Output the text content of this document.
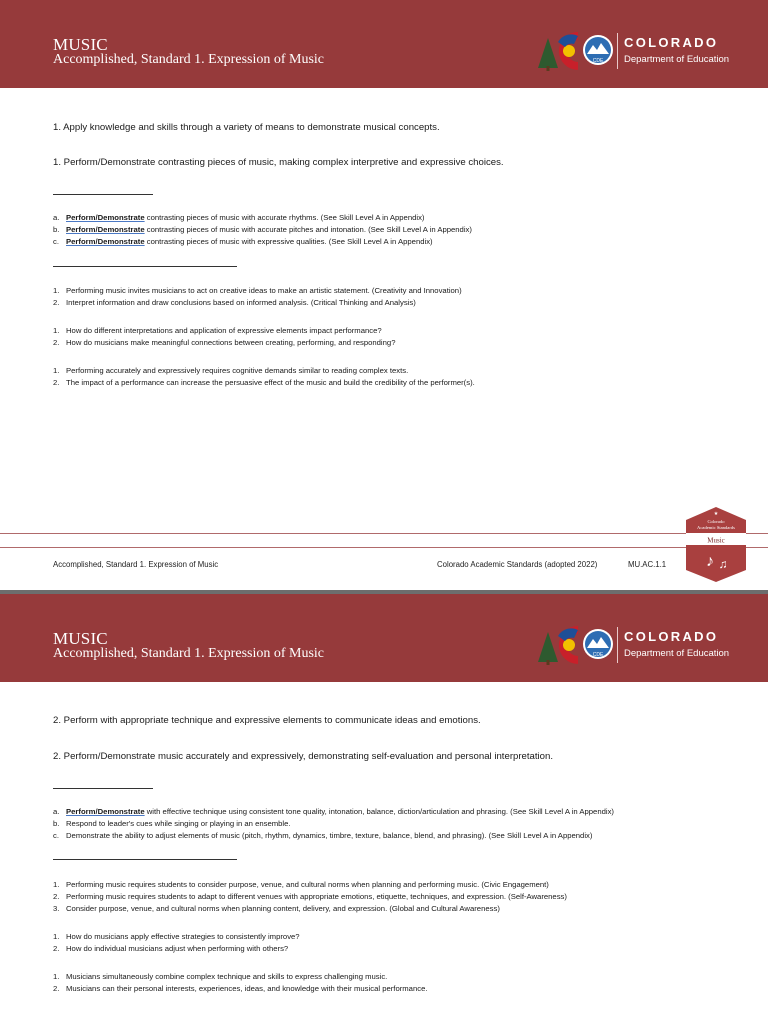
MUSIC
Accomplished, Standard 1. Expression of Music	CDE
COLORADO
Department of Education
1. Apply knowledge and skills through a variety of means to demonstrate musical concepts.
1. Perform/Demonstrate contrasting pieces of music, making complex interpretive and expressive choices.
a. Perform/Demonstrate contrasting pieces of music with accurate rhythms. (See Skill Level A in Appendix)
b. Perform/Demonstrate contrasting pieces of music with accurate pitches and intonation. (See Skill Level A in Appendix)
c. Perform/Demonstrate contrasting pieces of music with expressive qualities. (See Skill Level A in Appendix)
1. Performing music invites musicians to act on creative ideas to make an artistic statement. (Creativity and Innovation)
2. Interpret information and draw conclusions based on informed analysis. (Critical Thinking and Analysis)
1. How do different interpretations and application of expressive elements impact performance?
2. How do musicians make meaningful connections between creating, performing, and responding?
1. Performing accurately and expressively requires cognitive demands similar to reading complex texts.
2. The impact of a performance can increase the persuasive effect of the music and build the credibility of the performer(s).
Accomplished, Standard 1. Expression of Music	Colorado Academic Standards (adopted 2022)	MU.AC.1.1
★
Colorado
Academic Standards
Music
♪ ♫
MUSIC
Accomplished, Standard 1. Expression of Music	CDE
COLORADO
Department of Education
2. Perform with appropriate technique and expressive elements to communicate ideas and emotions.
2. Perform/Demonstrate music accurately and expressively, demonstrating self-evaluation and personal interpretation.
a. Perform/Demonstrate with effective technique using consistent tone quality, intonation, balance, diction/articulation and phrasing. (See Skill Level A in Appendix)
b. Respond to leader's cues while singing or playing in an ensemble.
c. Demonstrate the ability to adjust elements of music (pitch, rhythm, dynamics, timbre, texture, balance, blend, and phrasing). (See Skill Level A in Appendix)
1. Performing music requires students to consider purpose, venue, and cultural norms when planning and performing music. (Civic Engagement)
2. Performing music requires students to adapt to different venues with appropriate emotions, etiquette, techniques, and expression. (Self-Awareness)
3. Consider purpose, venue, and cultural norms when planning content, delivery, and expression. (Global and Cultural Awareness)
1. How do musicians apply effective strategies to consistently improve?
2. How do individual musicians adjust when performing with others?
1. Musicians simultaneously combine complex technique and skills to express challenging music.
2. Musicians can their personal interests, experiences, ideas, and knowledge with their musical performance.
